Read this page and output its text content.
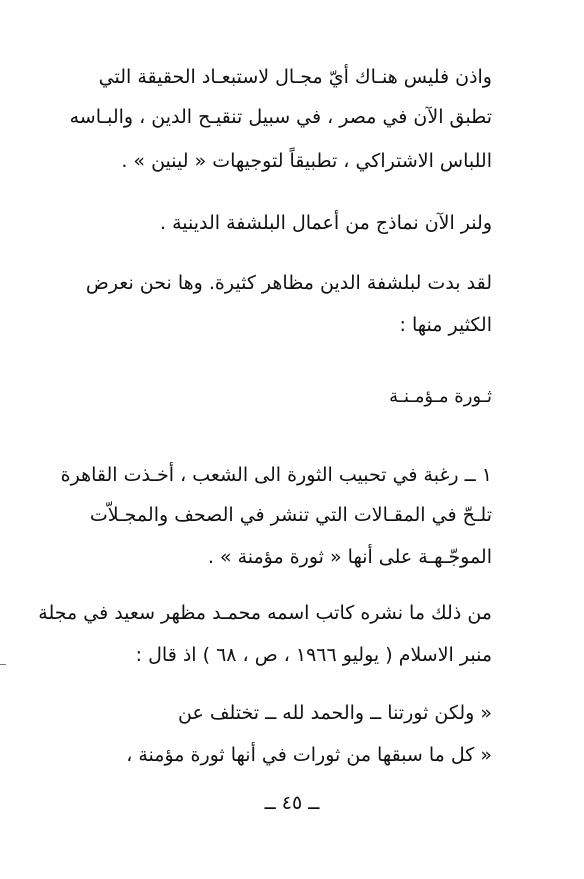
واذن فليس هنـاك أيّ مجـال لاستبعـاد الحقيقة التي
تطبق الآن في مصر ، في سبيل تنقيـح الدين ، والبـاسه
اللباس الاشتراكي ، تطبيقاً لتوجيهات « لينين » .
ولنر الآن نماذج من أعمال البلشفة الدينية .
لقد بدت لبلشفة الدين مظاهر كثيرة. وها نحن نعرض
الكثير منها :
ثـورة مـؤمـنـة
١ ــ رغبة في تحبيب الثورة الى الشعب ، أخـذت القاهرة
تلـحّ في المقـالات التي تنشر في الصحف والمجـلاّت
الموجّـهـة على أنها « ثورة مؤمنة » .
من ذلك ما نشره كاتب اسمه محمـد مظهر سعيد في مجلة
منبر الاسلام ( يوليو ١٩٦٦ ، ص ، ٦٨ ) اذ قال :
« ولكن ثورتنا ــ والحمد لله ــ تختلف عن
« كل ما سبقها من ثورات في أنها ثورة مؤمنة ،
ــ ٤٥ ــ
